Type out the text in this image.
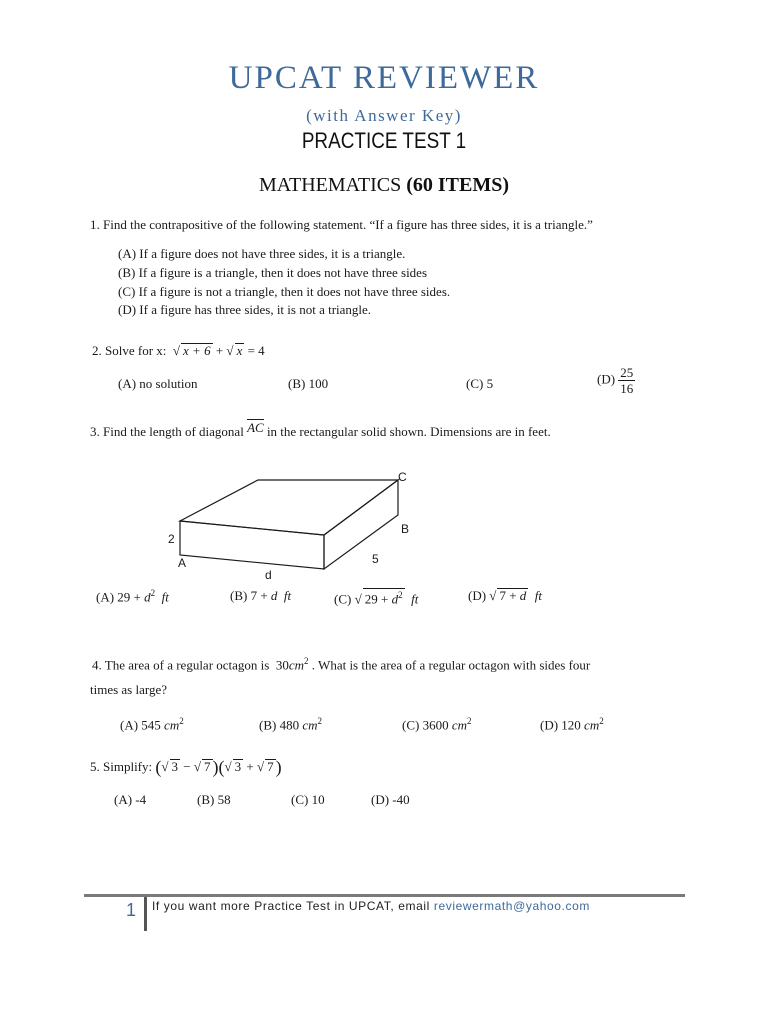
UPCAT REVIEWER
(with Answer Key)
PRACTICE TEST 1
MATHEMATICS (60 ITEMS)
1. Find the contrapositive of the following statement. “If a figure has three sides, it is a triangle.”
(A) If a figure does not have three sides, it is a triangle.
(B) If a figure is a triangle, then it does not have three sides
(C) If a figure is not a triangle, then it does not have three sides.
(D) If a figure has three sides, it is not a triangle.
2. Solve for x:  √ x + 6 + √ x = 4
(A) no solution	(B) 100	(C) 5	$(D) \frac{25}{16}$
3. Find the length of diagonal AC in the rectangular solid shown. Dimensions are in feet.
C
B
A
2
5
d
(A) $29 + d^2$ ft	(B) 7 + d ft	(C) √ $29 + d^2$ ft	(D) √ 7 + d ft
4. The area of a regular octagon is $30cm^2$ . What is the area of a regular octagon with sides four
times as large?
(A) 545 $cm^2$	(B) 480 $cm^2$	(C) 3600 $cm^2$	(D) 120 $cm^2$
5. Simplify: (√ 3 − √ 7 )(√ 3 + √ 7 )
(A) -4	(B) 58	(C) 10	(D) -40
1 If you want more Practice Test in UPCAT, email reviewermath@yahoo.com
